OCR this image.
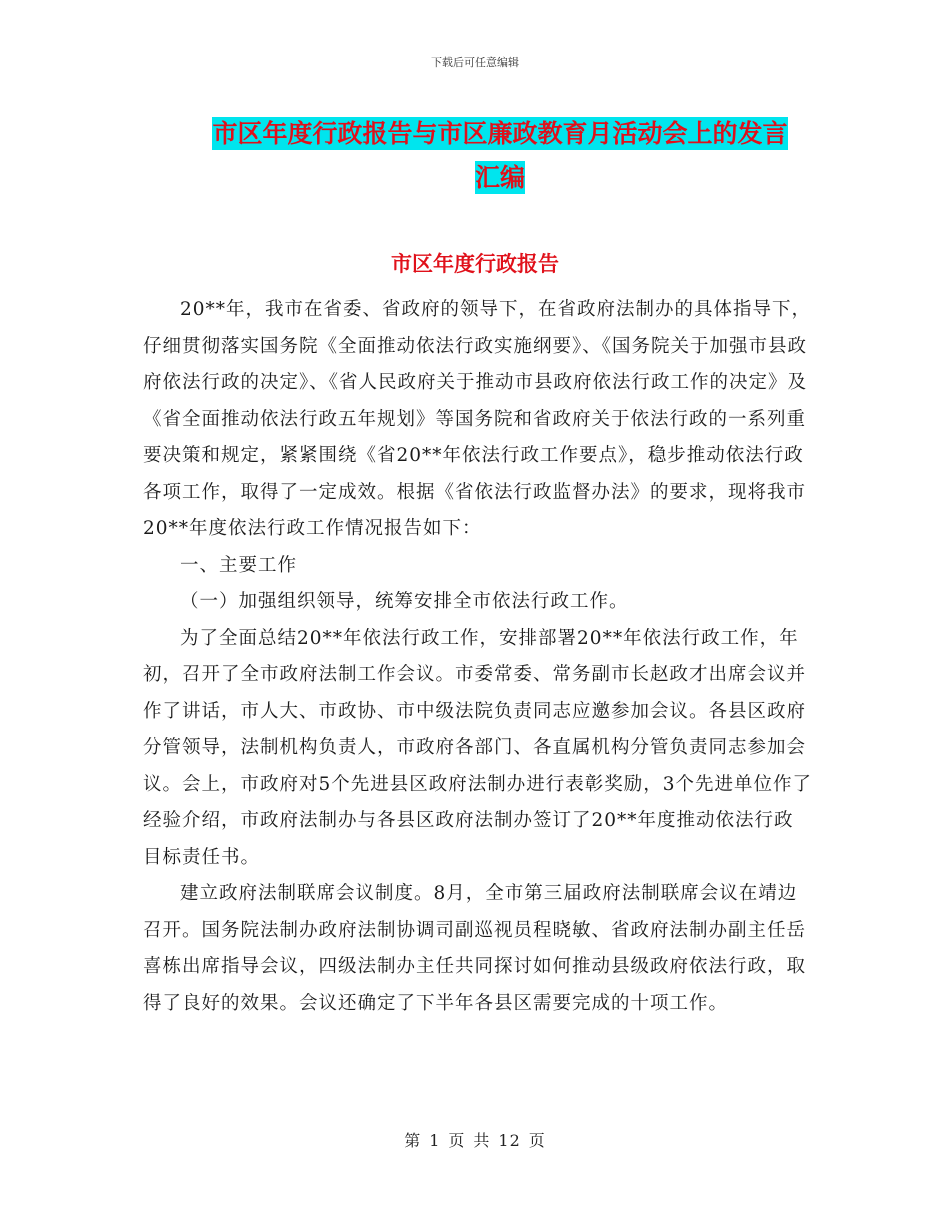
下载后可任意编辑
市区年度行政报告与市区廉政教育月活动会上的发言
汇编
市区年度行政报告

20**年，我市在省委、省政府的领导下，在省政府法制办的具体指导下，仔细贯彻落实国务院《全面推动依法行政实施纲要》、《国务院关于加强市县政府依法行政的决定》、《省人民政府关于推动市县政府依法行政工作的决定》及《省全面推动依法行政五年规划》等国务院和省政府关于依法行政的一系列重要决策和规定，紧紧围绕《省20**年依法行政工作要点》，稳步推动依法行政各项工作，取得了一定成效。根据《省依法行政监督办法》的要求，现将我市20**年度依法行政工作情况报告如下：

一、主要工作

（一）加强组织领导，统筹安排全市依法行政工作。

为了全面总结20**年依法行政工作，安排部署20**年依法行政工作，年初，召开了全市政府法制工作会议。市委常委、常务副市长赵政才出席会议并作了讲话，市人大、市政协、市中级法院负责同志应邀参加会议。各县区政府分管领导，法制机构负责人，市政府各部门、各直属机构分管负责同志参加会议。会上，市政府对5个先进县区政府法制办进行表彰奖励，3个先进单位作了经验介绍，市政府法制办与各县区政府法制办签订了20**年度推动依法行政目标责任书。

建立政府法制联席会议制度。8月，全市第三届政府法制联席会议在靖边召开。国务院法制办政府法制协调司副巡视员程晓敏、省政府法制办副主任岳喜栋出席指导会议，四级法制办主任共同探讨如何推动县级政府依法行政，取得了良好的效果。会议还确定了下半年各县区需要完成的十项工作。

第 1 页 共 12 页
